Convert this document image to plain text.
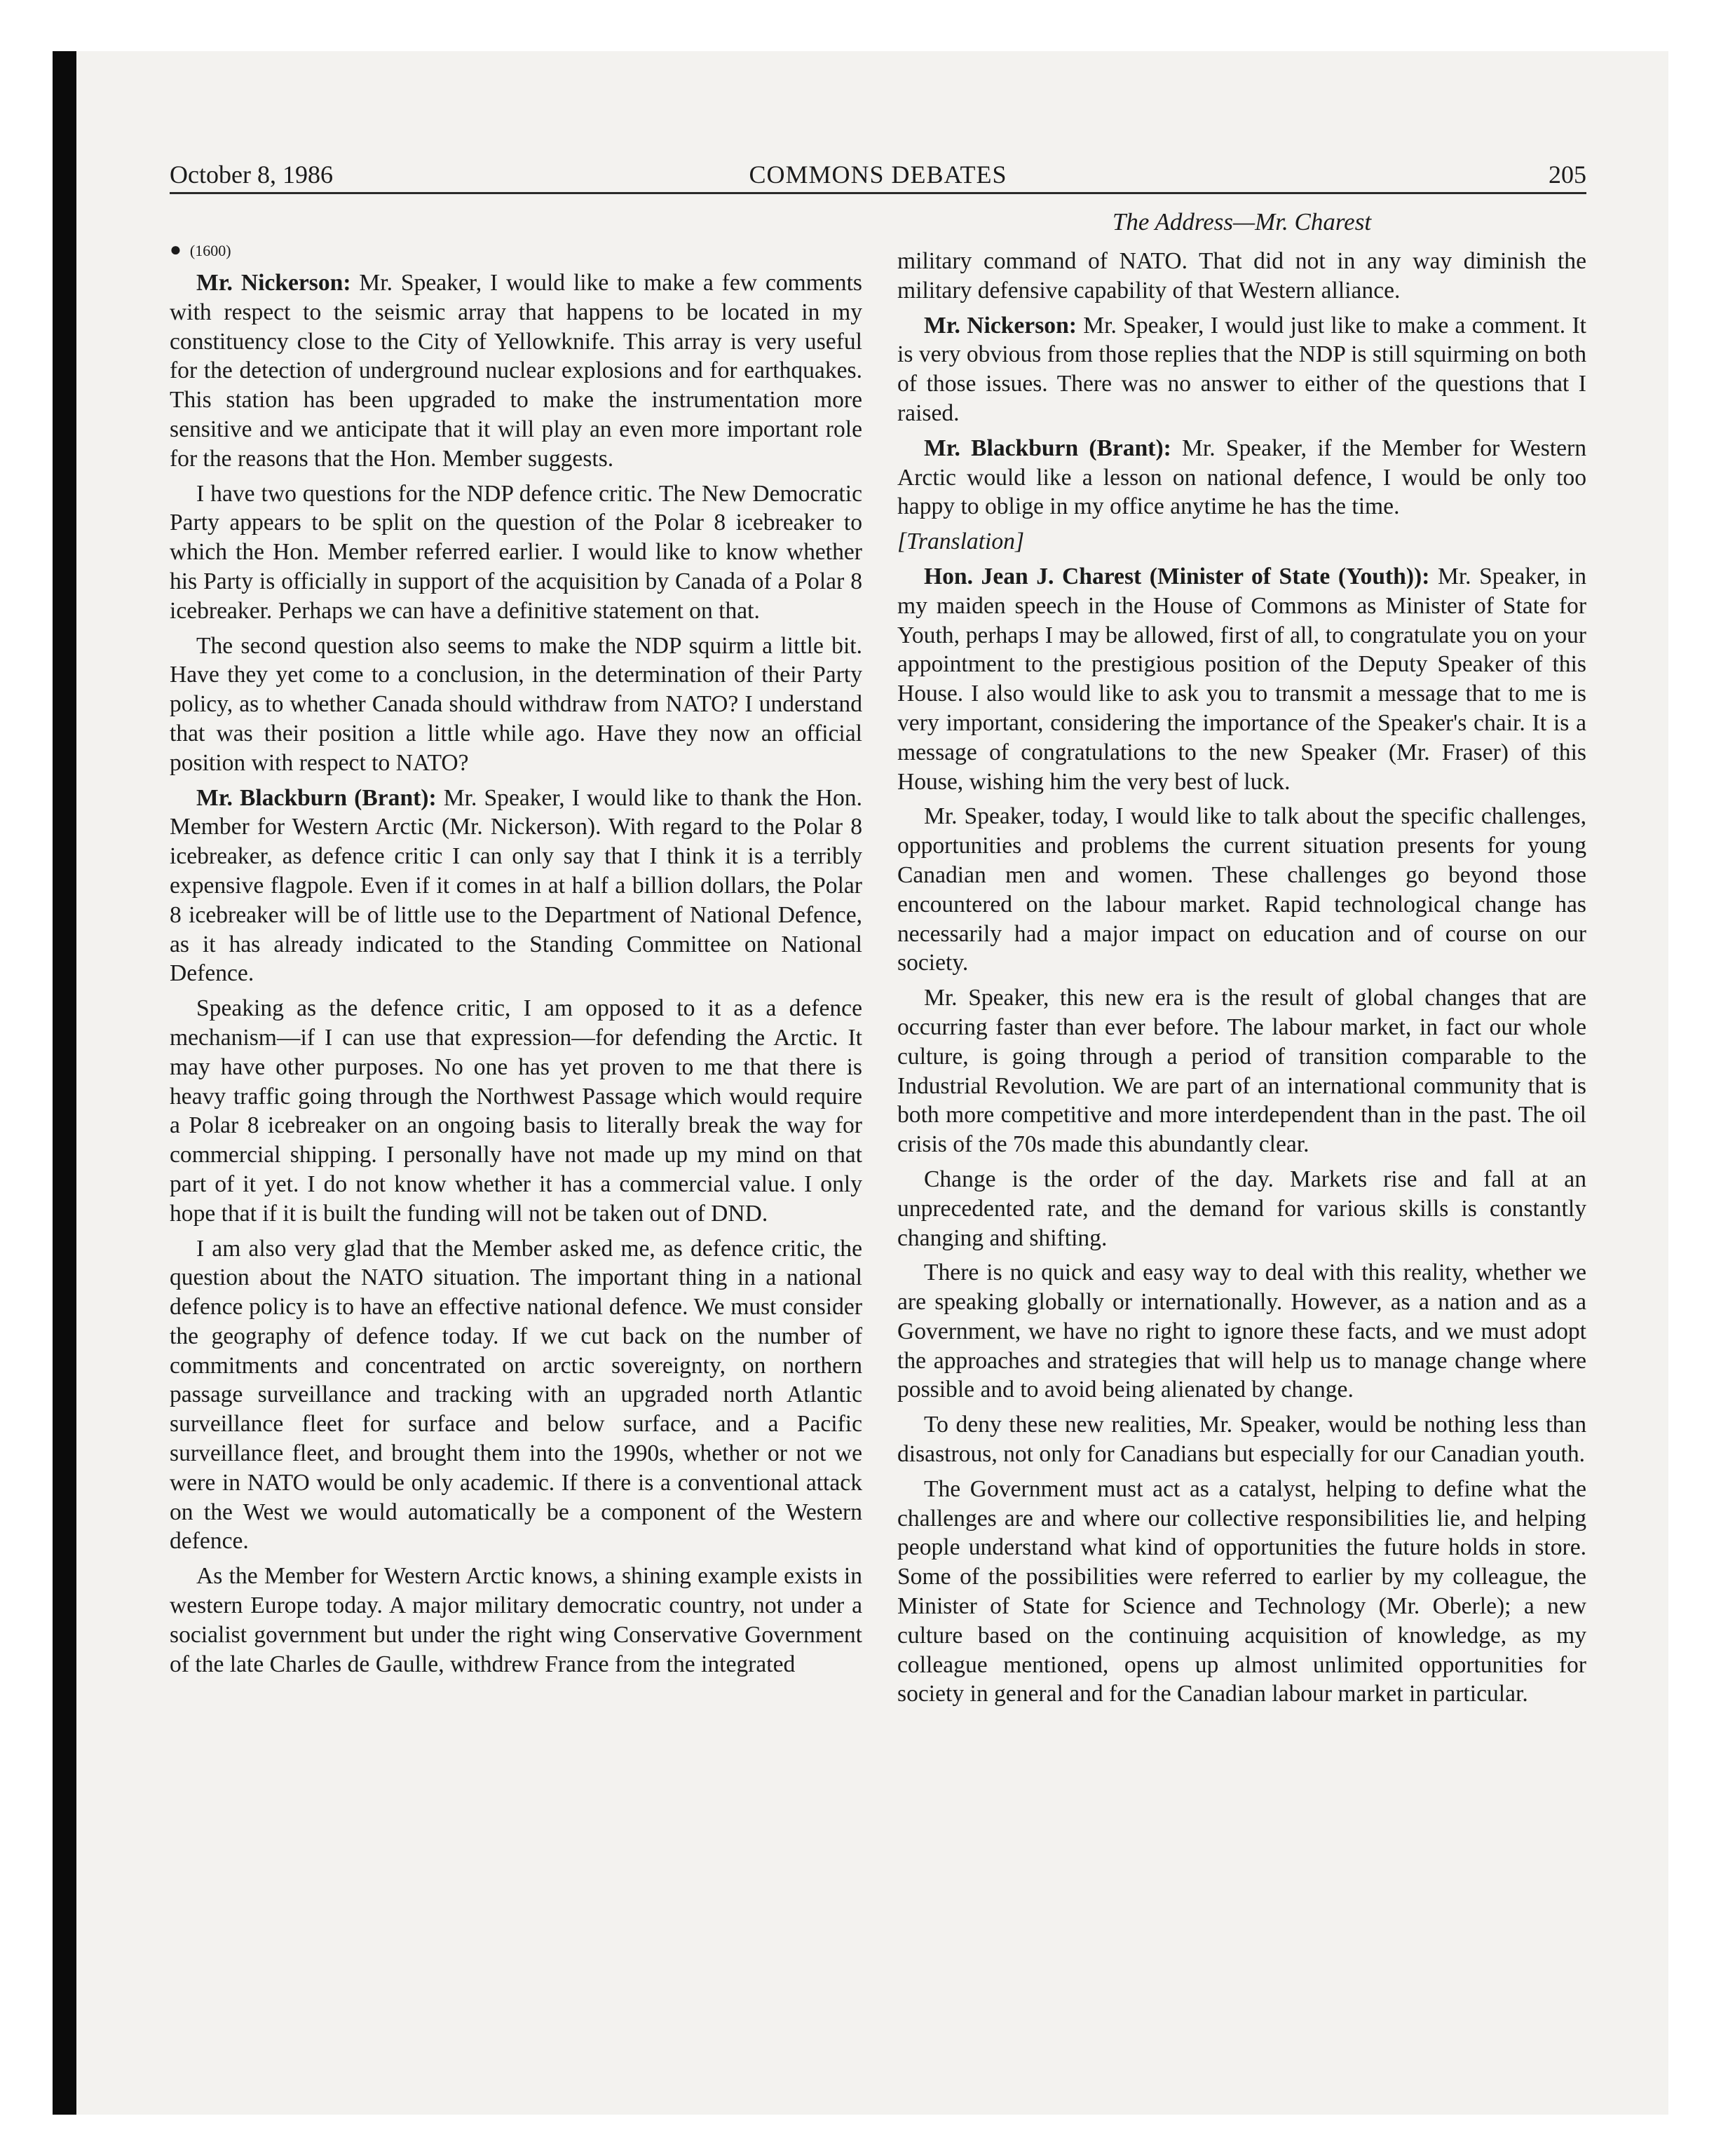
October 8, 1986	COMMONS DEBATES	205
The Address—Mr. Charest
● (1600)

Mr. Nickerson: Mr. Speaker, I would like to make a few comments with respect to the seismic array that happens to be located in my constituency close to the City of Yellowknife. This array is very useful for the detection of underground nuclear explosions and for earthquakes. This station has been upgraded to make the instrumentation more sensitive and we anticipate that it will play an even more important role for the reasons that the Hon. Member suggests.

I have two questions for the NDP defence critic. The New Democratic Party appears to be split on the question of the Polar 8 icebreaker to which the Hon. Member referred earlier. I would like to know whether his Party is officially in support of the acquisition by Canada of a Polar 8 icebreaker. Perhaps we can have a definitive statement on that.

The second question also seems to make the NDP squirm a little bit. Have they yet come to a conclusion, in the determination of their Party policy, as to whether Canada should withdraw from NATO? I understand that was their position a little while ago. Have they now an official position with respect to NATO?

Mr. Blackburn (Brant): Mr. Speaker, I would like to thank the Hon. Member for Western Arctic (Mr. Nickerson). With regard to the Polar 8 icebreaker, as defence critic I can only say that I think it is a terribly expensive flagpole. Even if it comes in at half a billion dollars, the Polar 8 icebreaker will be of little use to the Department of National Defence, as it has already indicated to the Standing Committee on National Defence.

Speaking as the defence critic, I am opposed to it as a defence mechanism—if I can use that expression—for defending the Arctic. It may have other purposes. No one has yet proven to me that there is heavy traffic going through the Northwest Passage which would require a Polar 8 icebreaker on an ongoing basis to literally break the way for commercial shipping. I personally have not made up my mind on that part of it yet. I do not know whether it has a commercial value. I only hope that if it is built the funding will not be taken out of DND.

I am also very glad that the Member asked me, as defence critic, the question about the NATO situation. The important thing in a national defence policy is to have an effective national defence. We must consider the geography of defence today. If we cut back on the number of commitments and concentrated on arctic sovereignty, on northern passage surveillance and tracking with an upgraded north Atlantic surveillance fleet for surface and below surface, and a Pacific surveillance fleet, and brought them into the 1990s, whether or not we were in NATO would be only academic. If there is a conventional attack on the West we would automatically be a component of the Western defence.

As the Member for Western Arctic knows, a shining example exists in western Europe today. A major military democratic country, not under a socialist government but under the right wing Conservative Government of the late Charles de Gaulle, withdrew France from the integrated

military command of NATO. That did not in any way diminish the military defensive capability of that Western alliance.

Mr. Nickerson: Mr. Speaker, I would just like to make a comment. It is very obvious from those replies that the NDP is still squirming on both of those issues. There was no answer to either of the questions that I raised.

Mr. Blackburn (Brant): Mr. Speaker, if the Member for Western Arctic would like a lesson on national defence, I would be only too happy to oblige in my office anytime he has the time.

[Translation]

Hon. Jean J. Charest (Minister of State (Youth)): Mr. Speaker, in my maiden speech in the House of Commons as Minister of State for Youth, perhaps I may be allowed, first of all, to congratulate you on your appointment to the prestigious position of the Deputy Speaker of this House. I also would like to ask you to transmit a message that to me is very important, considering the importance of the Speaker's chair. It is a message of congratulations to the new Speaker (Mr. Fraser) of this House, wishing him the very best of luck.

Mr. Speaker, today, I would like to talk about the specific challenges, opportunities and problems the current situation presents for young Canadian men and women. These challenges go beyond those encountered on the labour market. Rapid technological change has necessarily had a major impact on education and of course on our society.

Mr. Speaker, this new era is the result of global changes that are occurring faster than ever before. The labour market, in fact our whole culture, is going through a period of transition comparable to the Industrial Revolution. We are part of an international community that is both more competitive and more interdependent than in the past. The oil crisis of the 70s made this abundantly clear.

Change is the order of the day. Markets rise and fall at an unprecedented rate, and the demand for various skills is constantly changing and shifting.

There is no quick and easy way to deal with this reality, whether we are speaking globally or internationally. However, as a nation and as a Government, we have no right to ignore these facts, and we must adopt the approaches and strategies that will help us to manage change where possible and to avoid being alienated by change.

To deny these new realities, Mr. Speaker, would be nothing less than disastrous, not only for Canadians but especially for our Canadian youth.

The Government must act as a catalyst, helping to define what the challenges are and where our collective responsibilities lie, and helping people understand what kind of opportunities the future holds in store. Some of the possibilities were referred to earlier by my colleague, the Minister of State for Science and Technology (Mr. Oberle); a new culture based on the continuing acquisition of knowledge, as my colleague mentioned, opens up almost unlimited opportunities for society in general and for the Canadian labour market in particular.
